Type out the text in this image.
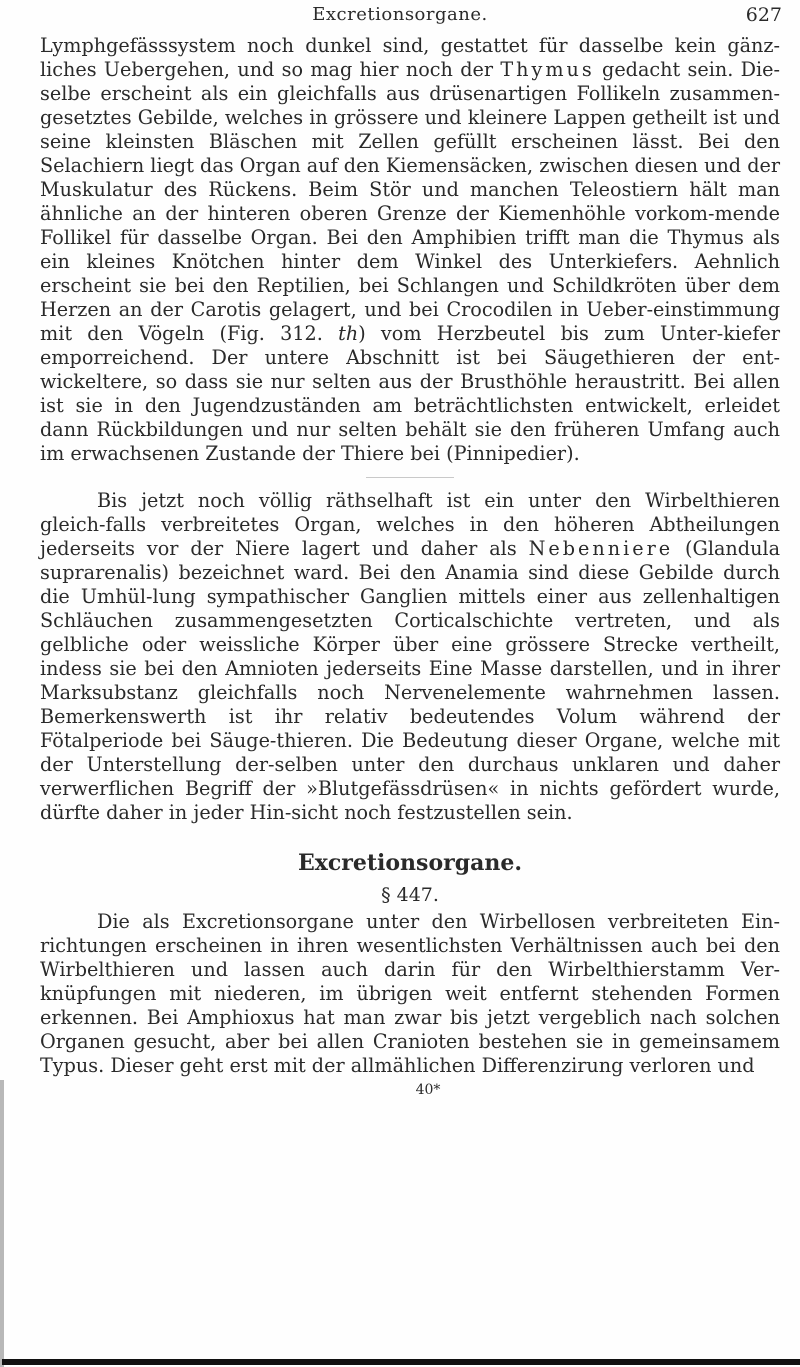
Excretionsorgane.	627

Lymphgefässsystem noch dunkel sind, gestattet für dasselbe kein gänz-liches Uebergehen, und so mag hier noch der Thymus gedacht sein. Die-selbe erscheint als ein gleichfalls aus drüsenartigen Follikeln zusammen-gesetztes Gebilde, welches in grössere und kleinere Lappen getheilt ist und seine kleinsten Bläschen mit Zellen gefüllt erscheinen lässt. Bei den Selachiern liegt das Organ auf den Kiemensäcken, zwischen diesen und der Muskulatur des Rückens. Beim Stör und manchen Teleostiern hält man ähnliche an der hinteren oberen Grenze der Kiemenhöhle vorkom-mende Follikel für dasselbe Organ. Bei den Amphibien trifft man die Thymus als ein kleines Knötchen hinter dem Winkel des Unterkiefers. Aehnlich erscheint sie bei den Reptilien, bei Schlangen und Schildkröten über dem Herzen an der Carotis gelagert, und bei Crocodilen in Ueber-einstimmung mit den Vögeln (Fig. 312. th) vom Herzbeutel bis zum Unter-kiefer emporreichend. Der untere Abschnitt ist bei Säugethieren der ent-wickeltere, so dass sie nur selten aus der Brusthöhle heraustritt. Bei allen ist sie in den Jugendzuständen am beträchtlichsten entwickelt, erleidet dann Rückbildungen und nur selten behält sie den früheren Umfang auch im erwachsenen Zustande der Thiere bei (Pinnipedier).

Bis jetzt noch völlig räthselhaft ist ein unter den Wirbelthieren gleich-falls verbreitetes Organ, welches in den höheren Abtheilungen jederseits vor der Niere lagert und daher als Nebenniere (Glandula suprarenalis) bezeichnet ward. Bei den Anamia sind diese Gebilde durch die Umhül-lung sympathischer Ganglien mittels einer aus zellenhaltigen Schläuchen zusammengesetzten Corticalschichte vertreten, und als gelbliche oder weissliche Körper über eine grössere Strecke vertheilt, indess sie bei den Amnioten jederseits Eine Masse darstellen, und in ihrer Marksubstanz gleichfalls noch Nervenelemente wahrnehmen lassen. Bemerkenswerth ist ihr relativ bedeutendes Volum während der Fötalperiode bei Säuge-thieren. Die Bedeutung dieser Organe, welche mit der Unterstellung der-selben unter den durchaus unklaren und daher verwerflichen Begriff der »Blutgefässdrüsen« in nichts gefördert wurde, dürfte daher in jeder Hin-sicht noch festzustellen sein.

Excretionsorgane.
§ 447.

Die als Excretionsorgane unter den Wirbellosen verbreiteten Ein-richtungen erscheinen in ihren wesentlichsten Verhältnissen auch bei den Wirbelthieren und lassen auch darin für den Wirbelthierstamm Ver-knüpfungen mit niederen, im übrigen weit entfernt stehenden Formen erkennen. Bei Amphioxus hat man zwar bis jetzt vergeblich nach solchen Organen gesucht, aber bei allen Cranioten bestehen sie in gemeinsamem Typus. Dieser geht erst mit der allmählichen Differenzirung verloren und

40*
